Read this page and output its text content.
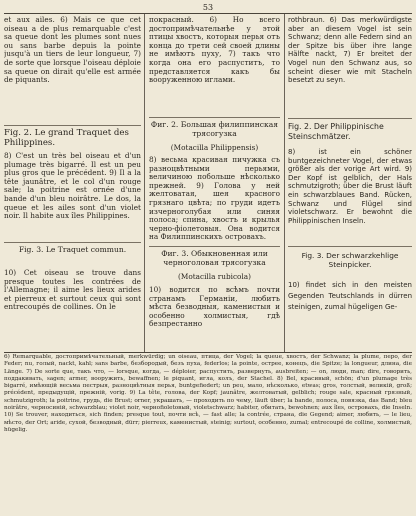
53

et aux ailes. 6) Mais ce que cet oiseau a de plus remarquable c'est sa queue dont les plumes sont nues ou sans barbe depuis la pointe jusqu'à un tiers de leur longueur, 7) de sorte que lorsque l'oiseau déploie sa queue on dirait qu'elle est armée de piquants.

Fig. 2. Le grand Traquet des Philippines.

8) C'est un très bel oiseau et d'un plumage très bigarré. Il est un peu plus gros que le précédent. 9) Il a la tête jaunâtre, et le col d'un rouge sale; la poitrine est ornée d'une bande d'un bleu noirâtre. Le dos, la queue et les ailes sont d'un violet noir. Il habite aux îles Philippines.

Fig. 3. Le Traquet commun.

10) Cet oiseau se trouve dans presque toutes les contrées de l'Allemagne; il aime les lieux arides et pierreux et surtout ceux qui sont entrecoupés de collines. On le

покрасный. 6) Но всего достопримѣчательнѣе у этой птицы хвостъ, которыя перья отъ конца до трети сей своей длины не имѣютъ пуху, 7) такъ что когда она его распуститъ, то представляется какъ бы вооруженною иглами.

Фиг. 2. Большая филиппинская трясогузка
(Motacilla Philippensis)

8) весьма красивая пичужка съ разноцвѣтными перьями, величиною побольше нѣсколько прежней. 9) Голова у ней желтоватая, шея красного грязнаго цвѣта; по груди идетъ изчерноголубая или синяя полоса; спина, хвостъ и крылья черно-фіолетовыя. Она водится на Филиппинскихъ островахъ.

Фиг. 3. Обыкновенная или черноголовая трясогузка
(Motacilla rubicola)

10) водится по всѣмъ почти странамъ Германіи, любитъ мѣста безводныя, каменистыя и особенно холмистыя, гдѣ безпрестанно

rothbraun. 6) Das merkwürdigste aber an diesem Vogel ist sein Schwanz; denn alle Federn sind an der Spitze bis über ihre lange Hälfte nackt, 7) Er breitet der Vogel nun den Schwanz aus, so scheint dieser wie mit Stacheln besetzt zu seyn.

Fig. 2. Der Philippinische Steinschmätzer.

8) ist ein schöner buntgezeichneter Vogel, der etwas größer als der vorige Art wird. 9) Der Kopf ist gelblich, der Hals schmutzigroth; über die Brust läuft ein schwarzblaues Band. Rücken, Schwanz und Flügel sind violetschwarz. Er bewohnt die Philippinischen Inseln.

Fig. 3. Der schwarzkehlige Steinpicker.

10) findet sich in den meisten Gegenden Teutschlands in dürren steinigen, zumal hügeligen Ge-

6) Remarquable, достопримѣчательный, merkwürdig; un oiseau, птица, der Vogel; la queue, хвостъ, der Schwanz; la plume, перо, der Feder; nu, голый, nackt, kahl; sans barbe, безбородый, безъ пуха, federlos; la pointe, острее, конецъ, die Spitze; la longueur, длина, die Länge. 7) De sorte que, такъ что, — lorsque, когда, — déploier, распустить, развернуть, ausbreiten; — on, люди, man; dire, говорить, поддакивать, sagen; armer, вооружить, bewaffnen; le piquant, игла, колъ, der Stachel. 8) Bel, красивый, schön; d'un plumage très bigarré, имѣющій весьма пестрыя, разноцвѣтныя перья, buntgefiedert; un peu, мало, нѣсколько, etwas; gros, толстый, великій, groß; précédent, предыдущій, прежній, vorig. 9) La tête, голова, der Kopf; jaunâtre, желтоватый, gelblich; rouge sale, красный грязный, schmutzigroth; la poitrine, грудь, die Brust; orner, украшать, — проходить по чему, läuft über; la bande, полоса, повязка, das Band; bleu noirâtre, черносиній, schwarzblau; violet noir, черноfioletовый, violetschwarz; habiter, обитать, bewohnen; aux îles, островахъ, die Inseln. 10) Se trouver, находиться, sich finden; presque tout, почти всѣ, — fast alle; la contrée, страна, die Gegend; aimer, любить, — le lieu, мѣсто, der Ort; aride, сухой, безводный, dürr; pierreux, каменистый, steinig; surtout, особенно, zumal; entrecoupé de colline, холмистый, hügelig.
